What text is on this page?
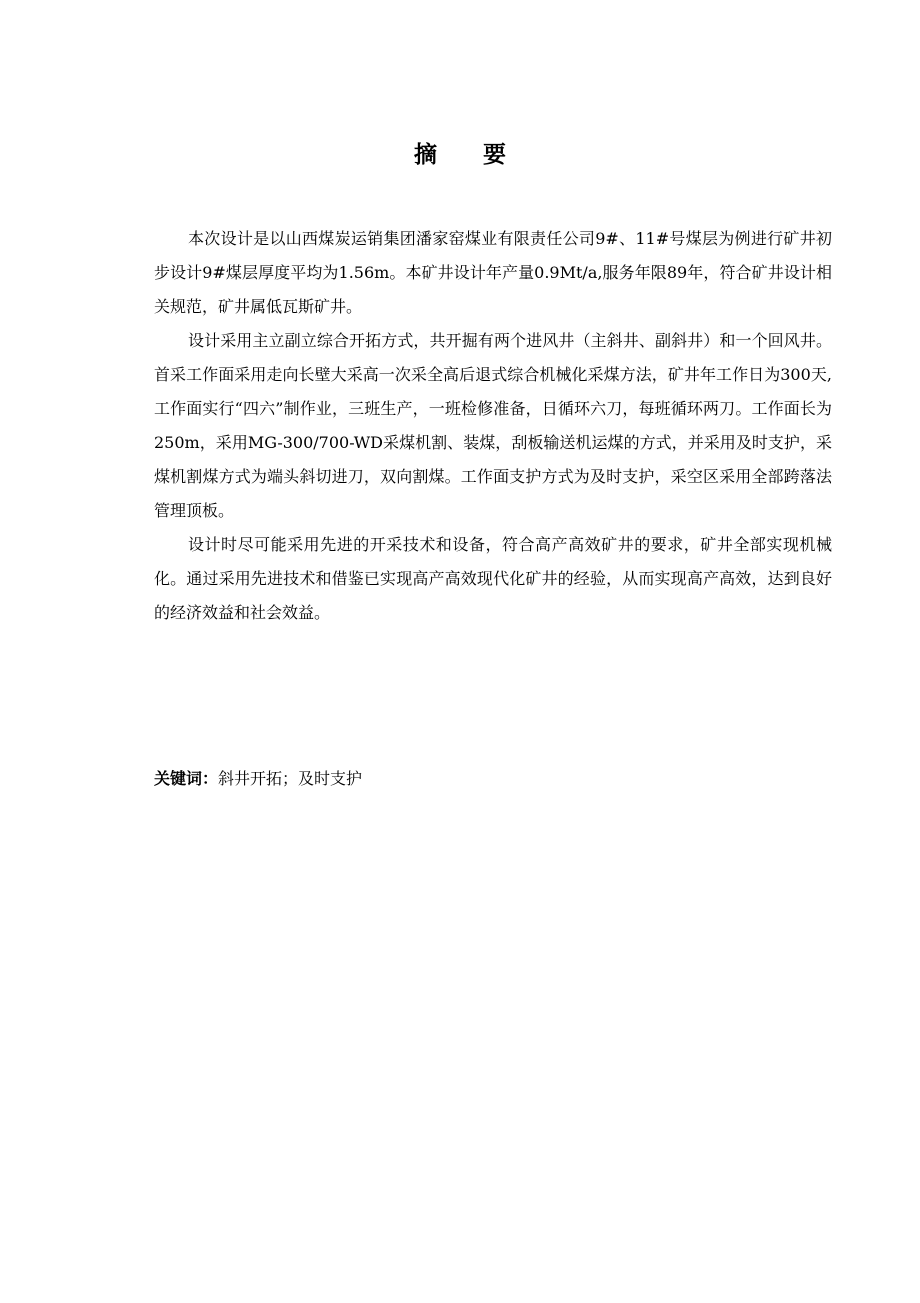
摘　　要

本次设计是以山西煤炭运销集团潘家窑煤业有限责任公司9#、11#号煤层为例进行矿井初步设计9#煤层厚度平均为1.56m。本矿井设计年产量0.9Mt/a,服务年限89年，符合矿井设计相关规范，矿井属低瓦斯矿井。

设计采用主立副立综合开拓方式，共开掘有两个进风井（主斜井、副斜井）和一个回风井。首采工作面采用走向长壁大采高一次采全高后退式综合机械化采煤方法，矿井年工作日为300天,工作面实行“四六”制作业，三班生产，一班检修准备，日循环六刀，每班循环两刀。工作面长为250m，采用MG-300/700-WD采煤机割、装煤，刮板输送机运煤的方式，并采用及时支护，采煤机割煤方式为端头斜切进刀，双向割煤。工作面支护方式为及时支护，采空区采用全部跨落法管理顶板。

设计时尽可能采用先进的开采技术和设备，符合高产高效矿井的要求，矿井全部实现机械化。通过采用先进技术和借鉴已实现高产高效现代化矿井的经验，从而实现高产高效，达到良好的经济效益和社会效益。

关键词：斜井开拓；及时支护
